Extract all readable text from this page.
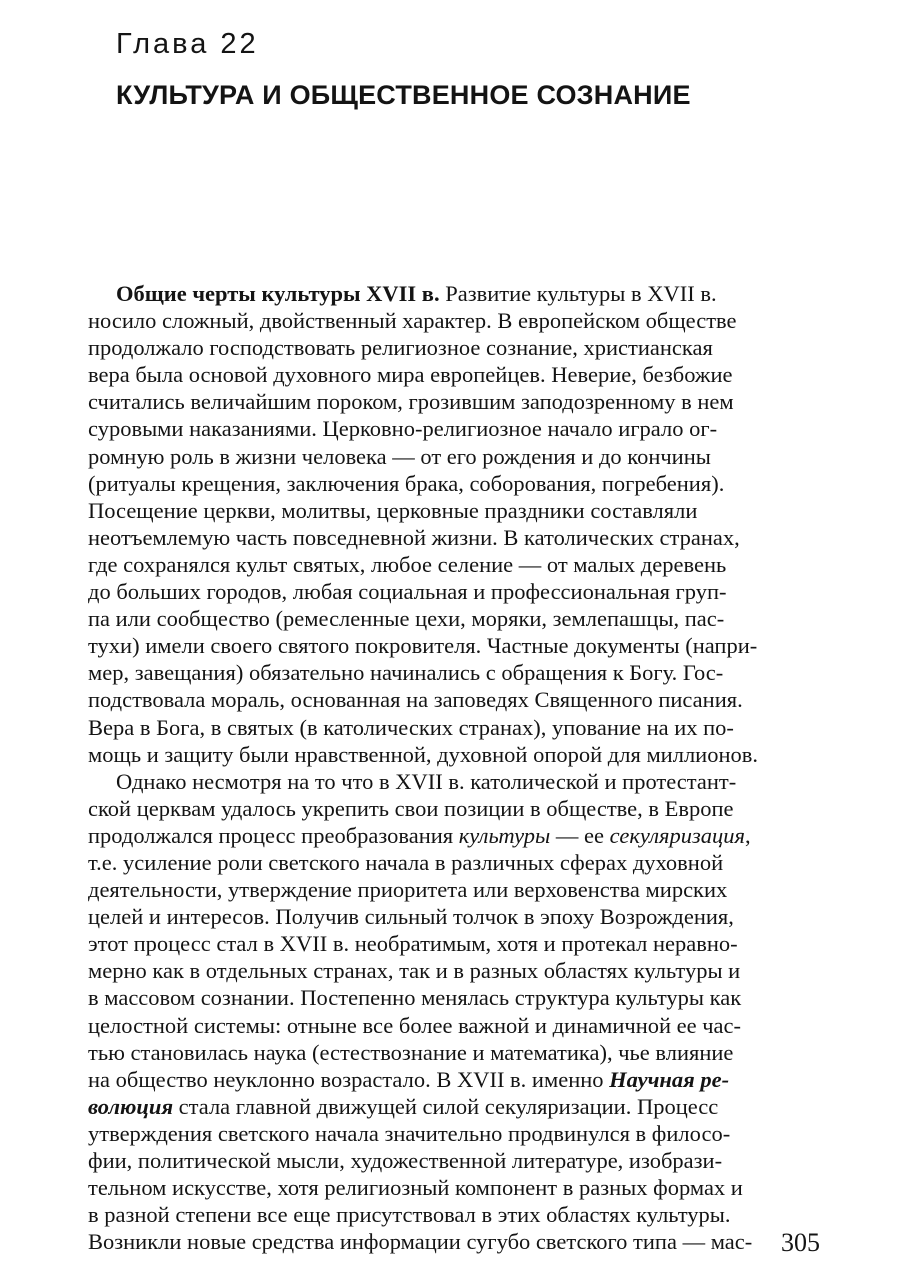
Глава 22
КУЛЬТУРА И ОБЩЕСТВЕННОЕ СОЗНАНИЕ
Общие черты культуры XVII в. Развитие культуры в XVII в.
носило сложный, двойственный характер. В европейском обществе
продолжало господствовать религиозное сознание, христианская
вера была основой духовного мира европейцев. Неверие, безбожие
считались величайшим пороком, грозившим заподозренному в нем
суровыми наказаниями. Церковно-религиозное начало играло ог-
ромную роль в жизни человека — от его рождения и до кончины
(ритуалы крещения, заключения брака, соборования, погребения).
Посещение церкви, молитвы, церковные праздники составляли
неотъемлемую часть повседневной жизни. В католических странах,
где сохранялся культ святых, любое селение — от малых деревень
до больших городов, любая социальная и профессиональная груп-
па или сообщество (ремесленные цехи, моряки, землепашцы, пас-
тухи) имели своего святого покровителя. Частные документы (напри-
мер, завещания) обязательно начинались с обращения к Богу. Гос-
подствовала мораль, основанная на заповедях Священного писания.
Вера в Бога, в святых (в католических странах), упование на их по-
мощь и защиту были нравственной, духовной опорой для миллионов.
Однако несмотря на то что в XVII в. католической и протестант-
ской церквам удалось укрепить свои позиции в обществе, в Европе
продолжался процесс преобразования культуры — ее секуляризация,
т.е. усиление роли светского начала в различных сферах духовной
деятельности, утверждение приоритета или верховенства мирских
целей и интересов. Получив сильный толчок в эпоху Возрождения,
этот процесс стал в XVII в. необратимым, хотя и протекал неравно-
мерно как в отдельных странах, так и в разных областях культуры и
в массовом сознании. Постепенно менялась структура культуры как
целостной системы: отныне все более важной и динамичной ее час-
тью становилась наука (естествознание и математика), чье влияние
на общество неуклонно возрастало. В XVII в. именно Научная ре-
волюция стала главной движущей силой секуляризации. Процесс
утверждения светского начала значительно продвинулся в филосо-
фии, политической мысли, художественной литературе, изобрази-
тельном искусстве, хотя религиозный компонент в разных формах и
в разной степени все еще присутствовал в этих областях культуры.
Возникли новые средства информации сугубо светского типа — мас-	305
